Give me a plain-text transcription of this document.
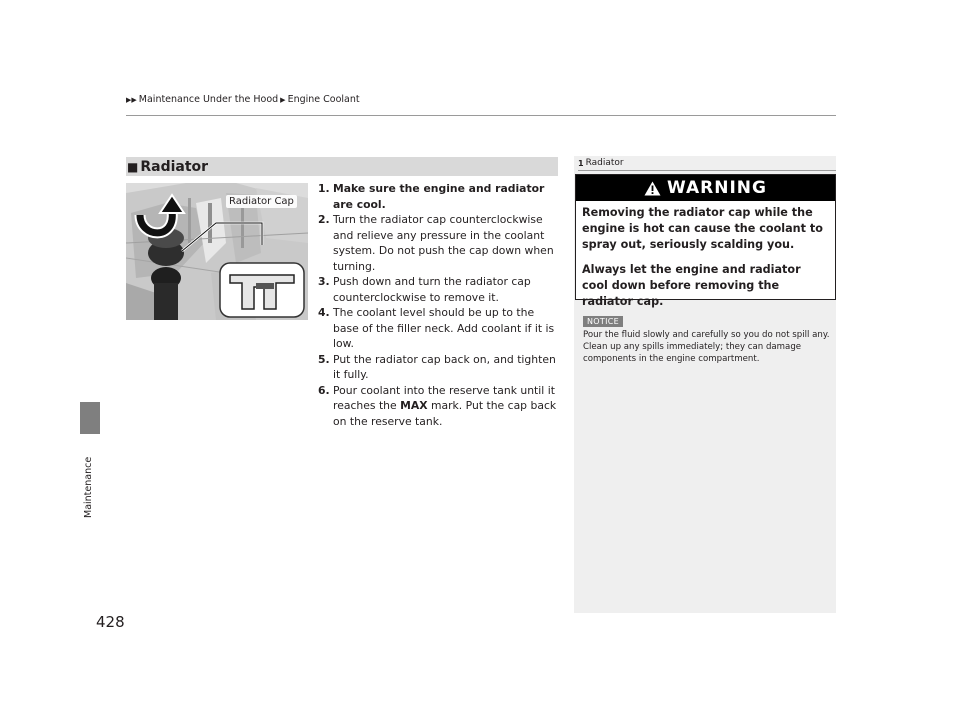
▶▶ Maintenance Under the Hood ▶ Engine Coolant
Maintenance
428
■ Radiator
Radiator Cap
1. Make sure the engine and radiator are cool.
2. Turn the radiator cap counterclockwise and relieve any pressure in the coolant system. Do not push the cap down when turning.
3. Push down and turn the radiator cap counterclockwise to remove it.
4. The coolant level should be up to the base of the filler neck. Add coolant if it is low.
5. Put the radiator cap back on, and tighten it fully.
6. Pour coolant into the reserve tank until it reaches the MAX mark. Put the cap back on the reserve tank.
1 Radiator
WARNING

Removing the radiator cap while the engine is hot can cause the coolant to spray out, seriously scalding you.

Always let the engine and radiator cool down before removing the radiator cap.

NOTICE
Pour the fluid slowly and carefully so you do not spill any. Clean up any spills immediately; they can damage components in the engine compartment.
